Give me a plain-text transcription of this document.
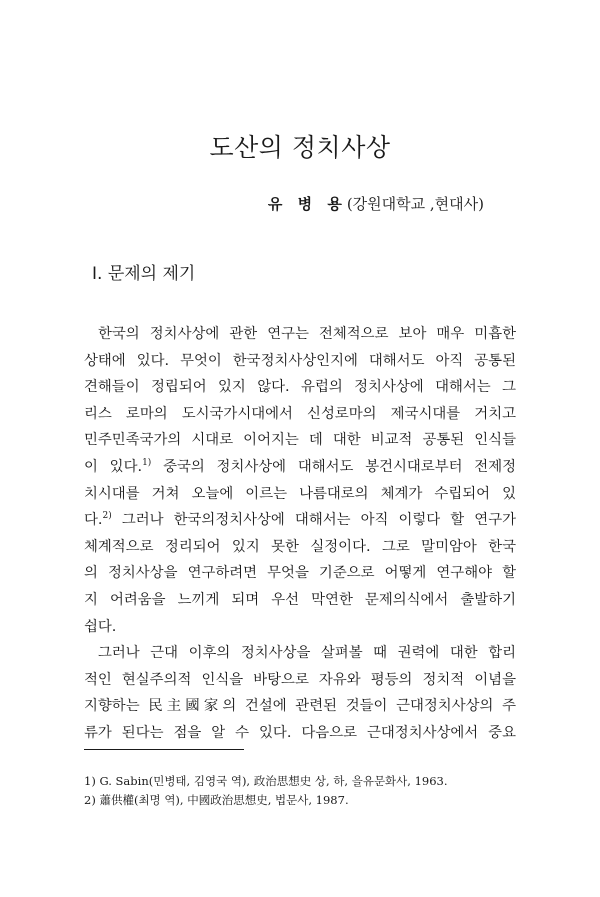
도산의 정치사상
유 병 용(강원대학교 ,현대사)
Ⅰ. 문제의 제기
한국의 정치사상에 관한 연구는 전체적으로 보아 매우 미흡한
상태에 있다. 무엇이 한국정치사상인지에 대해서도 아직 공통된
견해들이 정립되어 있지 않다. 유럽의 정치사상에 대해서는 그
리스 로마의 도시국가시대에서 신성로마의 제국시대를 거치고
민주민족국가의 시대로 이어지는 데 대한 비교적 공통된 인식들
이 있다.$^{1)}$ 중국의 정치사상에 대해서도 봉건시대로부터 전제정
치시대를 거쳐 오늘에 이르는 나름대로의 체계가 수립되어 있
다.$^{2)}$ 그러나 한국의정치사상에 대해서는 아직 이렇다 할 연구가
체계적으로 정리되어 있지 못한 실정이다. 그로 말미암아 한국
의 정치사상을 연구하려면 무엇을 기준으로 어떻게 연구해야 할
지 어려움을 느끼게 되며 우선 막연한 문제의식에서 출발하기
쉽다.
그러나 근대 이후의 정치사상을 살펴볼 때 권력에 대한 합리
적인 현실주의적 인식을 바탕으로 자유와 평등의 정치적 이념을
지향하는 民主國家의 건설에 관련된 것들이 근대정치사상의 주
류가 된다는 점을 알 수 있다. 다음으로 근대정치사상에서 중요
1) G. Sabin(민병태, 김영국 역), 政治思想史 상, 하, 을유문화사, 1963.
2) 蕭供權(최명 역), 中國政治思想史, 법문사, 1987.
